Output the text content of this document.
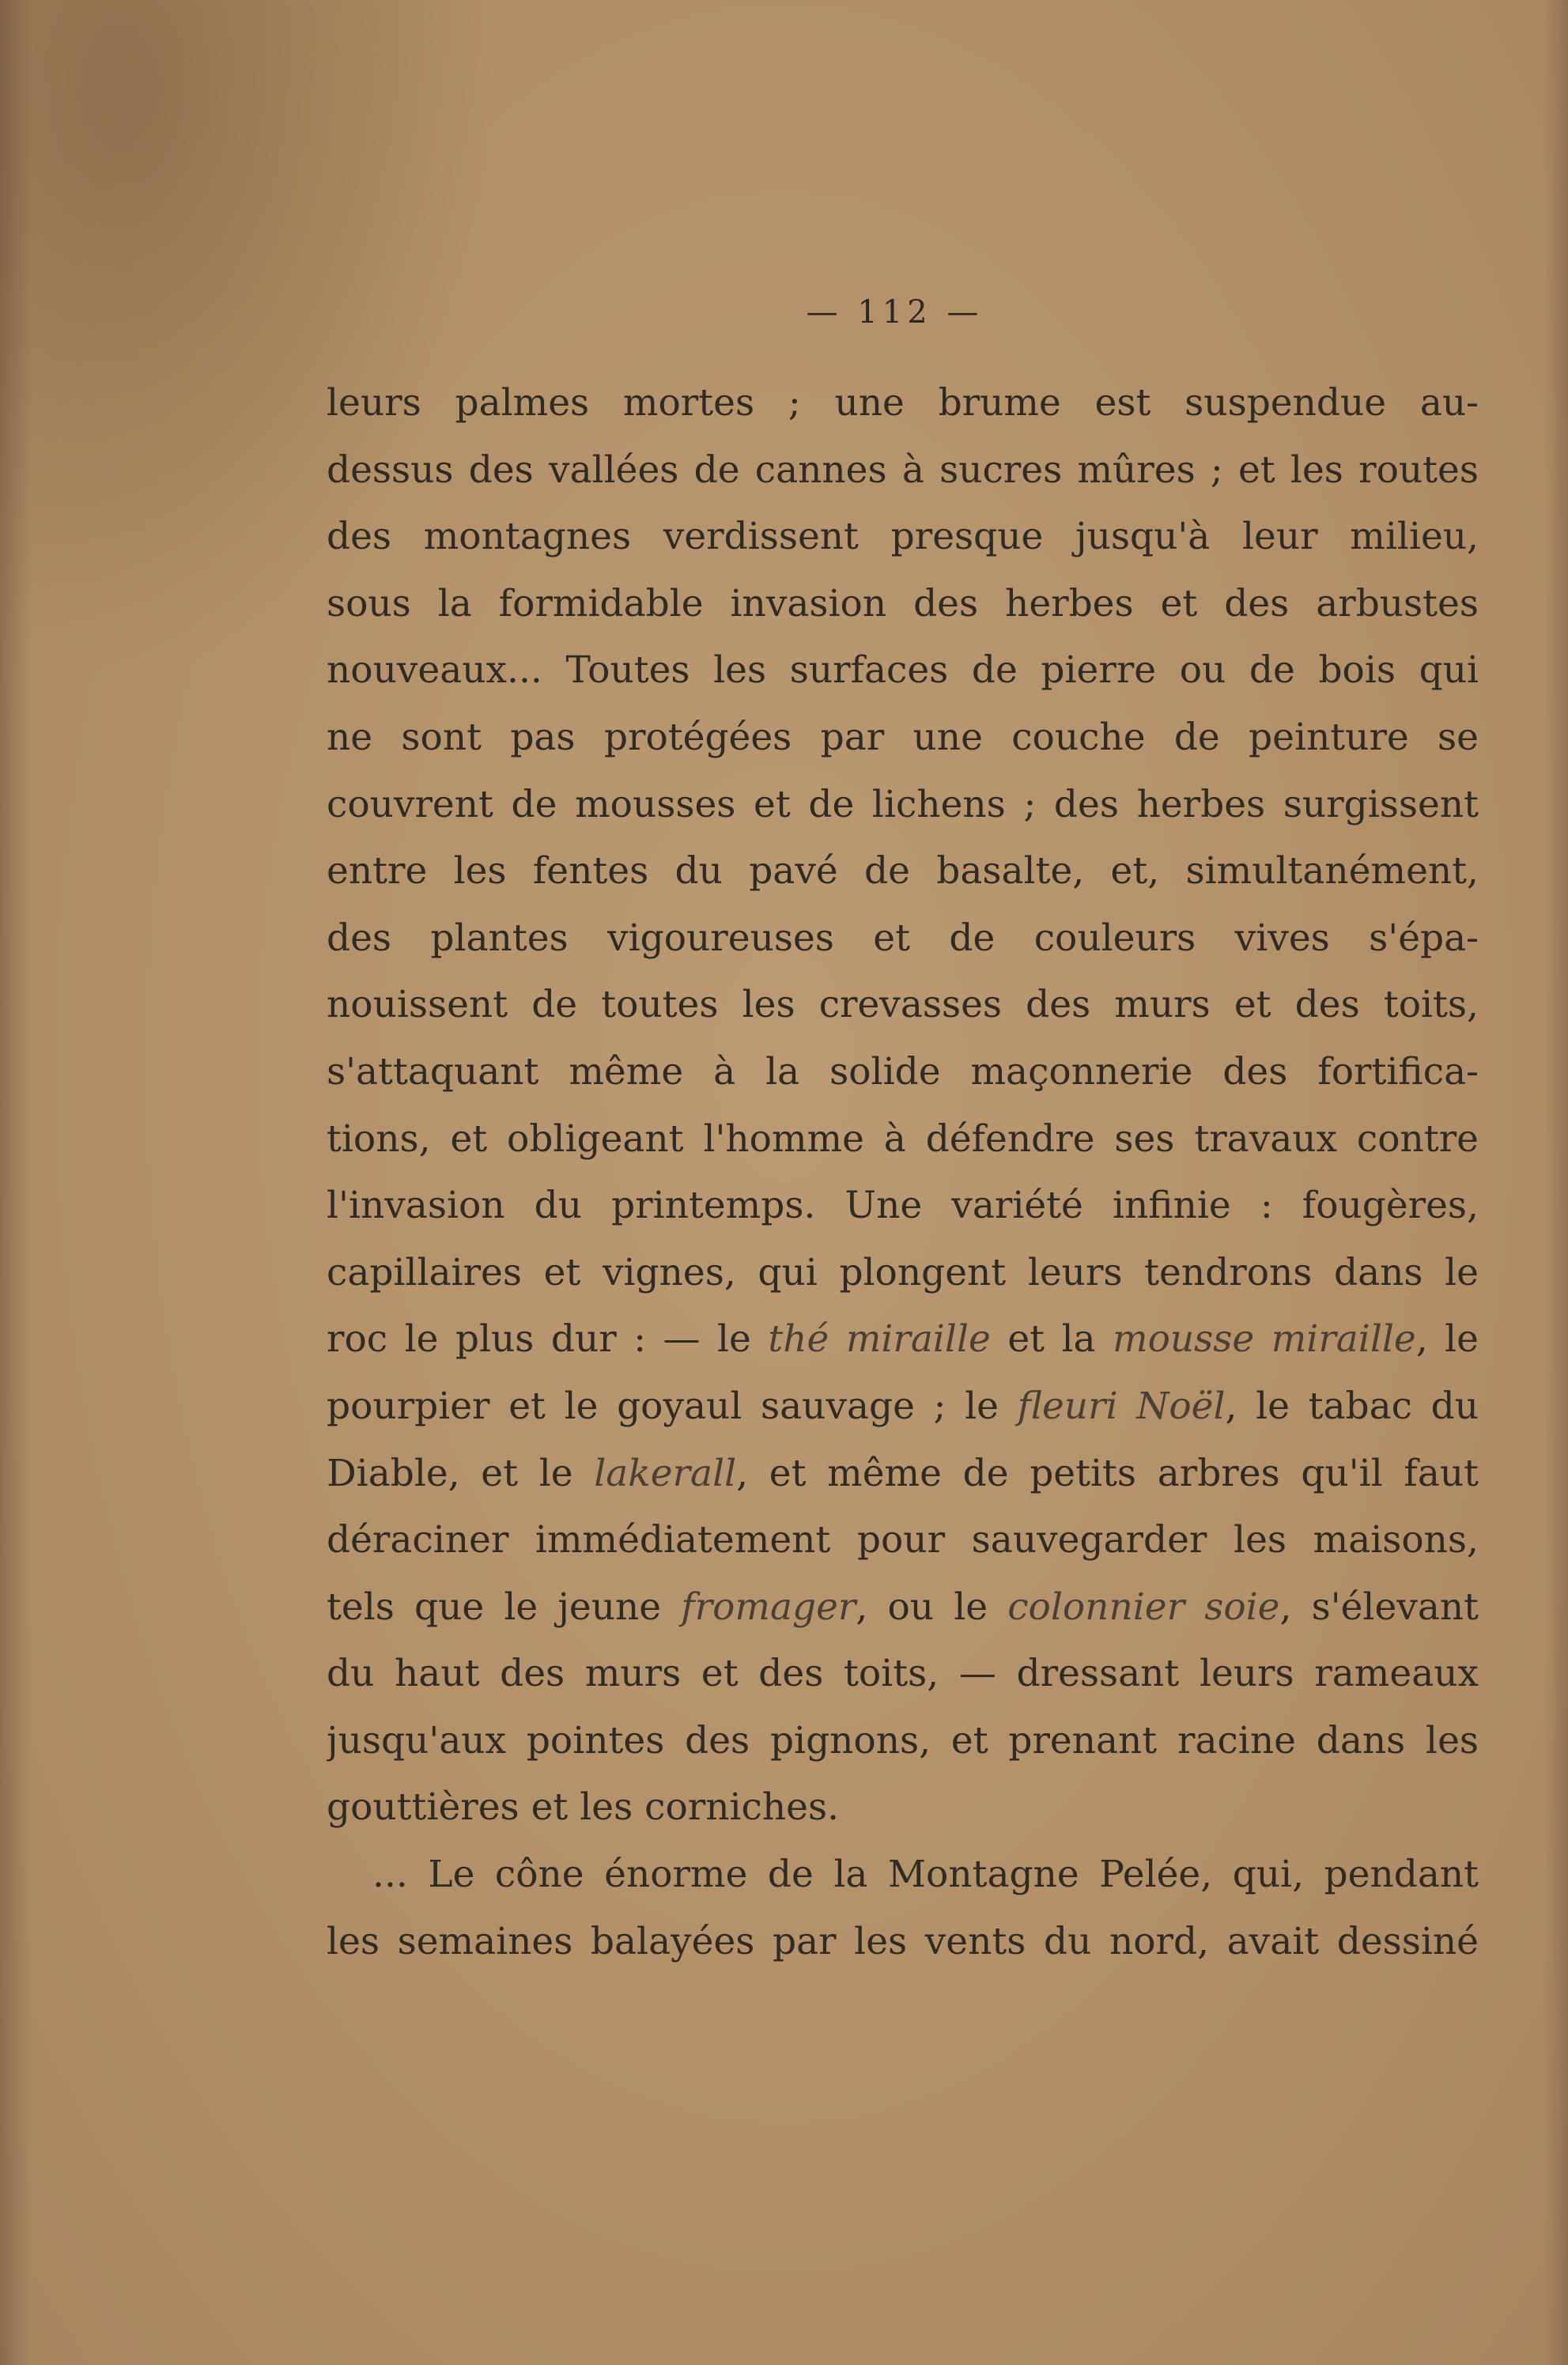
— 112 —
leurs palmes mortes ; une brume est suspendue au-
dessus des vallées de cannes à sucres mûres ; et les routes
des montagnes verdissent presque jusqu'à leur milieu,
sous la formidable invasion des herbes et des arbustes
nouveaux... Toutes les surfaces de pierre ou de bois qui
ne sont pas protégées par une couche de peinture se
couvrent de mousses et de lichens ; des herbes surgissent
entre les fentes du pavé de basalte, et, simultanément,
des plantes vigoureuses et de couleurs vives s'épa-
nouissent de toutes les crevasses des murs et des toits,
s'attaquant même à la solide maçonnerie des fortifica-
tions, et obligeant l'homme à défendre ses travaux contre
l'invasion du printemps. Une variété infinie : fougères,
capillaires et vignes, qui plongent leurs tendrons dans le
roc le plus dur : — le thé miraille et la mousse miraille, le
pourpier et le goyaul sauvage ; le fleuri Noël, le tabac du
Diable, et le lakerall, et même de petits arbres qu'il faut
déraciner immédiatement pour sauvegarder les maisons,
tels que le jeune fromager, ou le colonnier soie, s'élevant
du haut des murs et des toits, — dressant leurs rameaux
jusqu'aux pointes des pignons, et prenant racine dans les
gouttières et les corniches.
... Le cône énorme de la Montagne Pelée, qui, pendant
les semaines balayées par les vents du nord, avait dessiné
